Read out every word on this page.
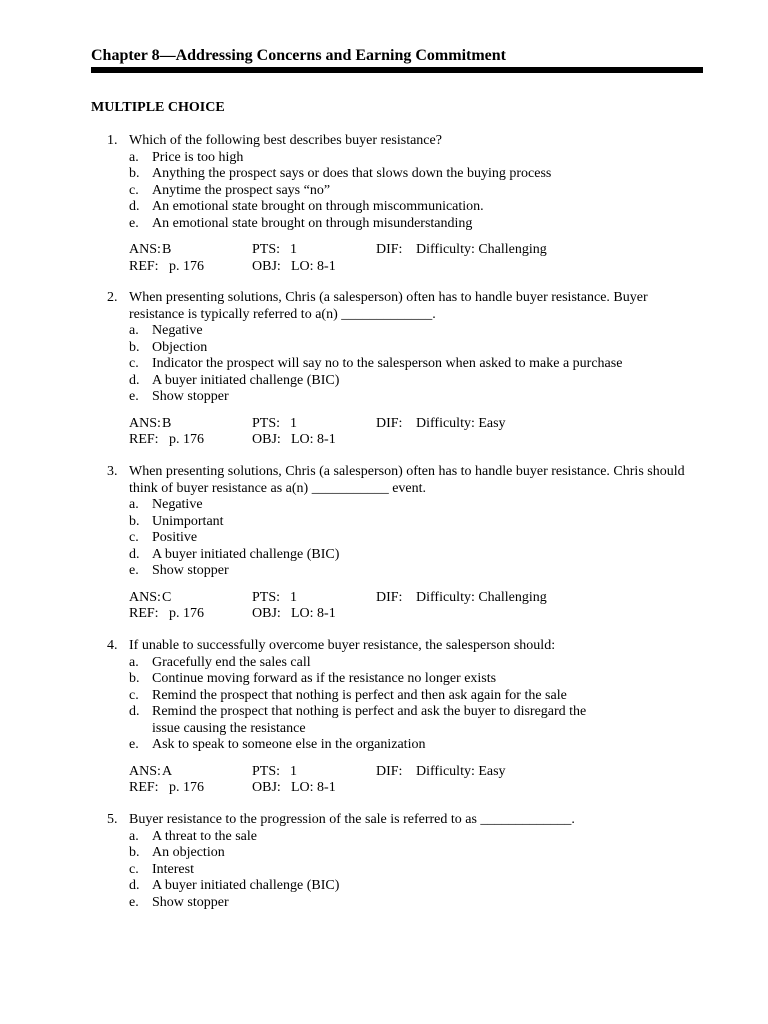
Chapter 8—Addressing Concerns and Earning Commitment
MULTIPLE CHOICE
1. Which of the following best describes buyer resistance?
a. Price is too high
b. Anything the prospect says or does that slows down the buying process
c. Anytime the prospect says “no”
d. An emotional state brought on through miscommunication.
e. An emotional state brought on through misunderstanding
ANS:B	PTS: 1	DIF: Difficulty: Challenging
REF: p. 176	OBJ: LO: 8-1
2. When presenting solutions, Chris (a salesperson) often has to handle buyer resistance. Buyer resistance is typically referred to a(n) _____________.
a. Negative
b. Objection
c. Indicator the prospect will say no to the salesperson when asked to make a purchase
d. A buyer initiated challenge (BIC)
e. Show stopper
ANS:B	PTS: 1	DIF: Difficulty: Easy
REF: p. 176	OBJ: LO: 8-1
3. When presenting solutions, Chris (a salesperson) often has to handle buyer resistance. Chris should think of buyer resistance as a(n) ___________ event.
a. Negative
b. Unimportant
c. Positive
d. A buyer initiated challenge (BIC)
e. Show stopper
ANS:C	PTS: 1	DIF: Difficulty: Challenging
REF: p. 176	OBJ: LO: 8-1
4. If unable to successfully overcome buyer resistance, the salesperson should:
a. Gracefully end the sales call
b. Continue moving forward as if the resistance no longer exists
c. Remind the prospect that nothing is perfect and then ask again for the sale
d. Remind the prospect that nothing is perfect and ask the buyer to disregard the issue causing the resistance
e. Ask to speak to someone else in the organization
ANS:A	PTS: 1	DIF: Difficulty: Easy
REF: p. 176	OBJ: LO: 8-1
5. Buyer resistance to the progression of the sale is referred to as _____________.
a. A threat to the sale
b. An objection
c. Interest
d. A buyer initiated challenge (BIC)
e. Show stopper
